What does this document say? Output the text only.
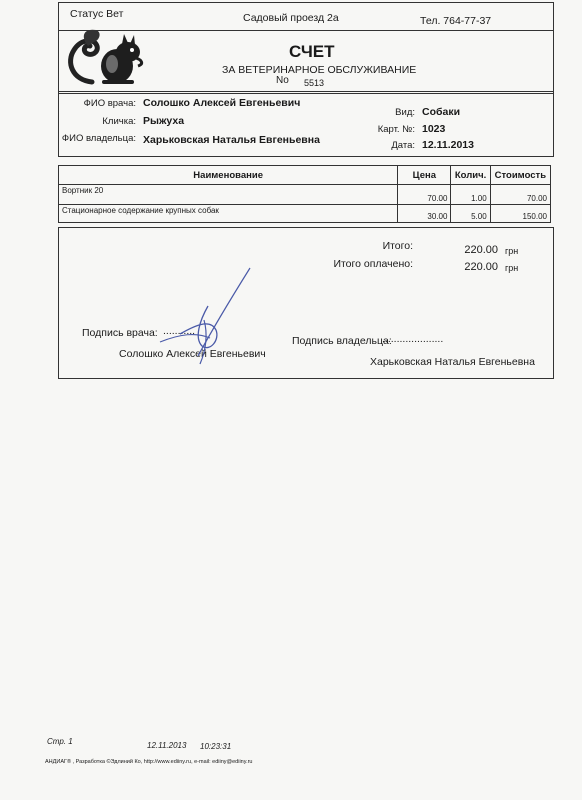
Статус Вет	Садовый проезд 2а	Тел. 764-77-37
СЧЕТ
ЗА ВЕТЕРИНАРНОЕ ОБСЛУЖИВАНИЕ
No 5513
ФИО врача: Солошко Алексей Евгеньевич
Кличка: Рыжуха
ФИО владельца: Харьковская Наталья Евгеньевна
Вид: Собаки
Карт. №: 1023
Дата: 12.11.2013
Наименование	Цена	Колич.	Стоимость
Вортник 20	70.00	1.00	70.00
Стационарное содержание крупных собак	30.00	5.00	150.00
Итого:	220.00 грн
Итого оплачено:	220.00 грн
Подпись врача: ...........
Подпись владельца:
.....................
Солошко Алексей Евгеньевич
Харьковская Наталья Евгеньевна
Стр. 1	12.11.2013 10:23:31
АНДИАГ® , Разработка ©Эдлиний Ко, http://www.ediiny.ru, e-mail: ediiny@ediiny.ru
